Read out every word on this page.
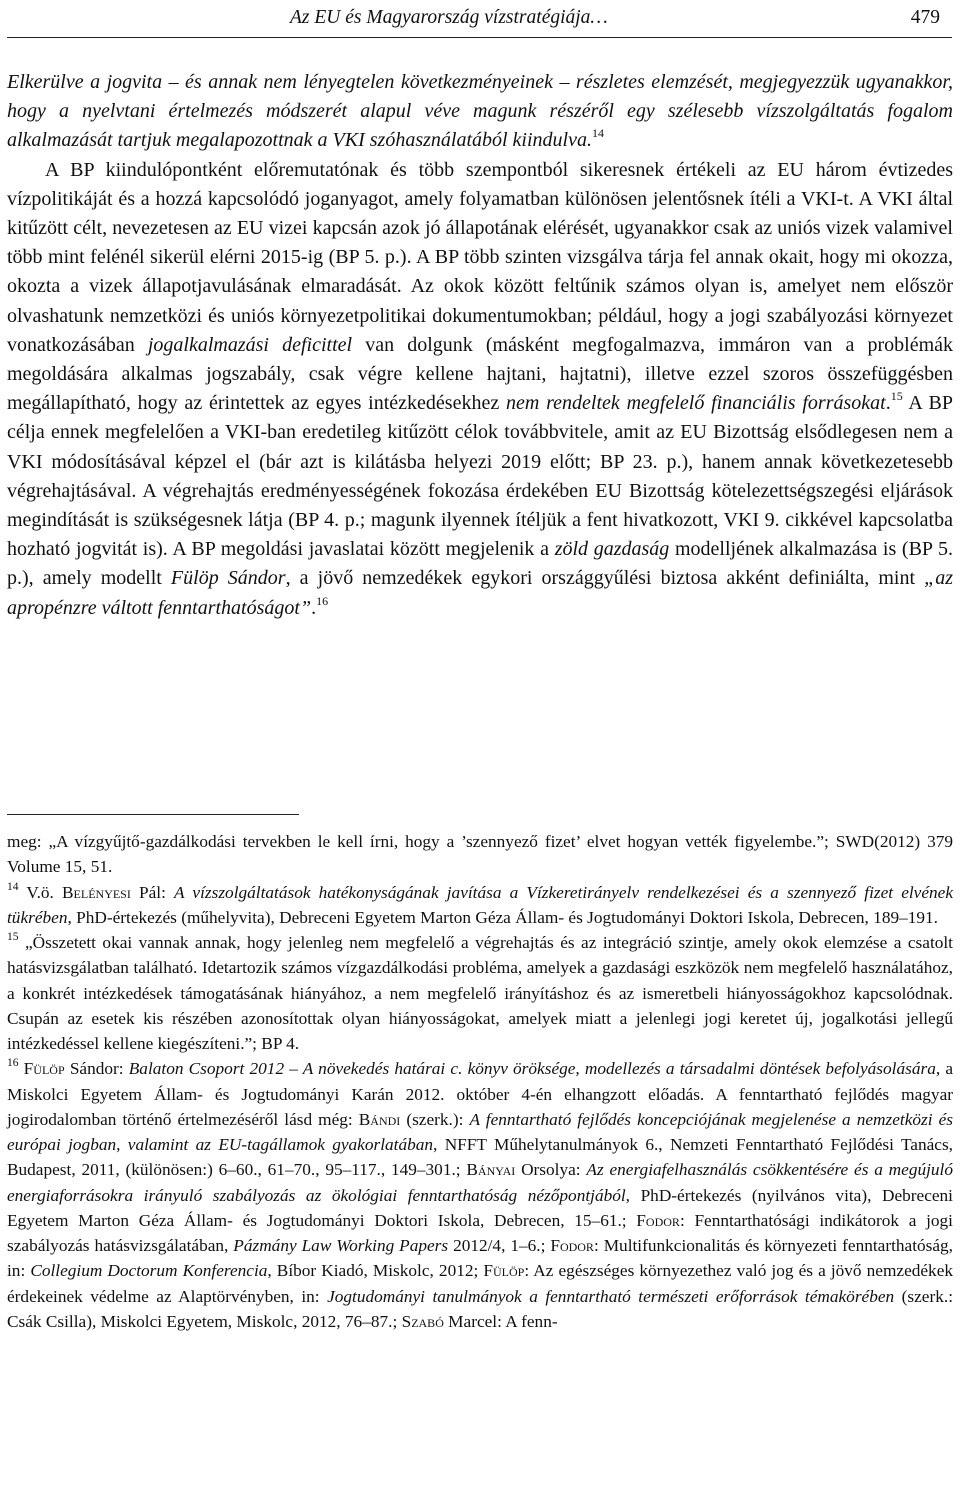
Az EU és Magyarország vízstratégiája…	479

Elkerülve a jogvita – és annak nem lényegtelen következményeinek – részletes elemzését, megjegyezzük ugyanakkor, hogy a nyelvtani értelmezés módszerét alapul véve magunk részéről egy szélesebb vízszolgáltatás fogalom alkalmazását tartjuk megalapozottnak a VKI szóhasználatából kiindulva.$^{14}$

A BP kiindulópontként előremutatónak és több szempontból sikeresnek értékeli az EU három évtizedes vízpolitikáját és a hozzá kapcsolódó joganyagot, amely folyamatban különösen jelentősnek ítéli a VKI-t. A VKI által kitűzött célt, nevezetesen az EU vizei kapcsán azok jó állapotának elérését, ugyanakkor csak az uniós vizek valamivel több mint felénél sikerül elérni 2015-ig (BP 5. p.). A BP több szinten vizsgálva tárja fel annak okait, hogy mi okozza, okozta a vizek állapotjavulásának elmaradását. Az okok között feltűnik számos olyan is, amelyet nem először olvashatunk nemzetközi és uniós környezetpolitikai dokumentumokban; például, hogy a jogi szabályozási környezet vonatkozásában jogalkalmazási deficittel van dolgunk (másként megfogalmazva, immáron van a problémák megoldására alkalmas jogszabály, csak végre kellene hajtani, hajtatni), illetve ezzel szoros összefüggésben megállapítható, hogy az érintettek az egyes intézkedésekhez nem rendeltek megfelelő financiális forrásokat.$^{15}$ A BP célja ennek megfelelően a VKI-ban eredetileg kitűzött célok továbbvitele, amit az EU Bizottság elsődlegesen nem a VKI módosításával képzel el (bár azt is kilátásba helyezi 2019 előtt; BP 23. p.), hanem annak következetesebb végrehajtásával. A végrehajtás eredményességének fokozása érdekében EU Bizottság kötelezettségszegési eljárások megindítását is szükségesnek látja (BP 4. p.; magunk ilyennek ítéljük a fent hivatkozott, VKI 9. cikkével kapcsolatba hozható jogvitát is). A BP megoldási javaslatai között megjelenik a zöld gazdaság modelljének alkalmazása is (BP 5. p.), amely modellt Fülöp Sándor, a jövő nemzedékek egykori országgyűlési biztosa akként definiálta, mint „az apropénzre váltott fenntarthatóságot”.$^{16}$

meg: „A vízgyűjtő-gazdálkodási tervekben le kell írni, hogy a ’szennyező fizet’ elvet hogyan vették figyelembe.”; SWD(2012) 379 Volume 15, 51.

$^{14}$ V.ö. Belényesi Pál: A vízszolgáltatások hatékonyságának javítása a Vízkeretirányelv rendelkezései és a szennyező fizet elvének tükrében, PhD-értekezés (műhelyvita), Debreceni Egyetem Marton Géza Állam- és Jogtudományi Doktori Iskola, Debrecen, 189–191.

$^{15}$ „Összetett okai vannak annak, hogy jelenleg nem megfelelő a végrehajtás és az integráció szintje, amely okok elemzése a csatolt hatásvizsgálatban található. Idetartozik számos vízgazdálkodási probléma, amelyek a gazdasági eszközök nem megfelelő használatához, a konkrét intézkedések támogatásának hiányához, a nem megfelelő irányításhoz és az ismeretbeli hiányosságokhoz kapcsolódnak. Csupán az esetek kis részében azonosítottak olyan hiányosságokat, amelyek miatt a jelenlegi jogi keretet új, jogalkotási jellegű intézkedéssel kellene kiegészíteni.”; BP 4.

$^{16}$ Fülöp Sándor: Balaton Csoport 2012 – A növekedés határai c. könyv öröksége, modellezés a társadalmi döntések befolyásolására, a Miskolci Egyetem Állam- és Jogtudományi Karán 2012. október 4-én elhangzott előadás. A fenntartható fejlődés magyar jogirodalomban történő értelmezéséről lásd még: Bándi (szerk.): A fenntartható fejlődés koncepciójának megjelenése a nemzetközi és európai jogban, valamint az EU-tagállamok gyakorlatában, NFFT Műhelytanulmányok 6., Nemzeti Fenntartható Fejlődési Tanács, Budapest, 2011, (különösen:) 6–60., 61–70., 95–117., 149–301.; Bányai Orsolya: Az energiafelhasználás csökkentésére és a megújuló energiaforrásokra irányuló szabályozás az ökológiai fenntarthatóság nézőpontjából, PhD-értekezés (nyilvános vita), Debreceni Egyetem Marton Géza Állam- és Jogtudományi Doktori Iskola, Debrecen, 15–61.; Fodor: Fenntarthatósági indikátorok a jogi szabályozás hatásvizsgálatában, Pázmány Law Working Papers 2012/4, 1–6.; Fodor: Multifunkcionalitás és környezeti fenntarthatóság, in: Collegium Doctorum Konferencia, Bíbor Kiadó, Miskolc, 2012; Fülöp: Az egészséges környezethez való jog és a jövő nemzedékek érdekeinek védelme az Alaptörvényben, in: Jogtudományi tanulmányok a fenntartható természeti erőforrások témakörében (szerk.: Csák Csilla), Miskolci Egyetem, Miskolc, 2012, 76–87.; Szabó Marcel: A fenn-
